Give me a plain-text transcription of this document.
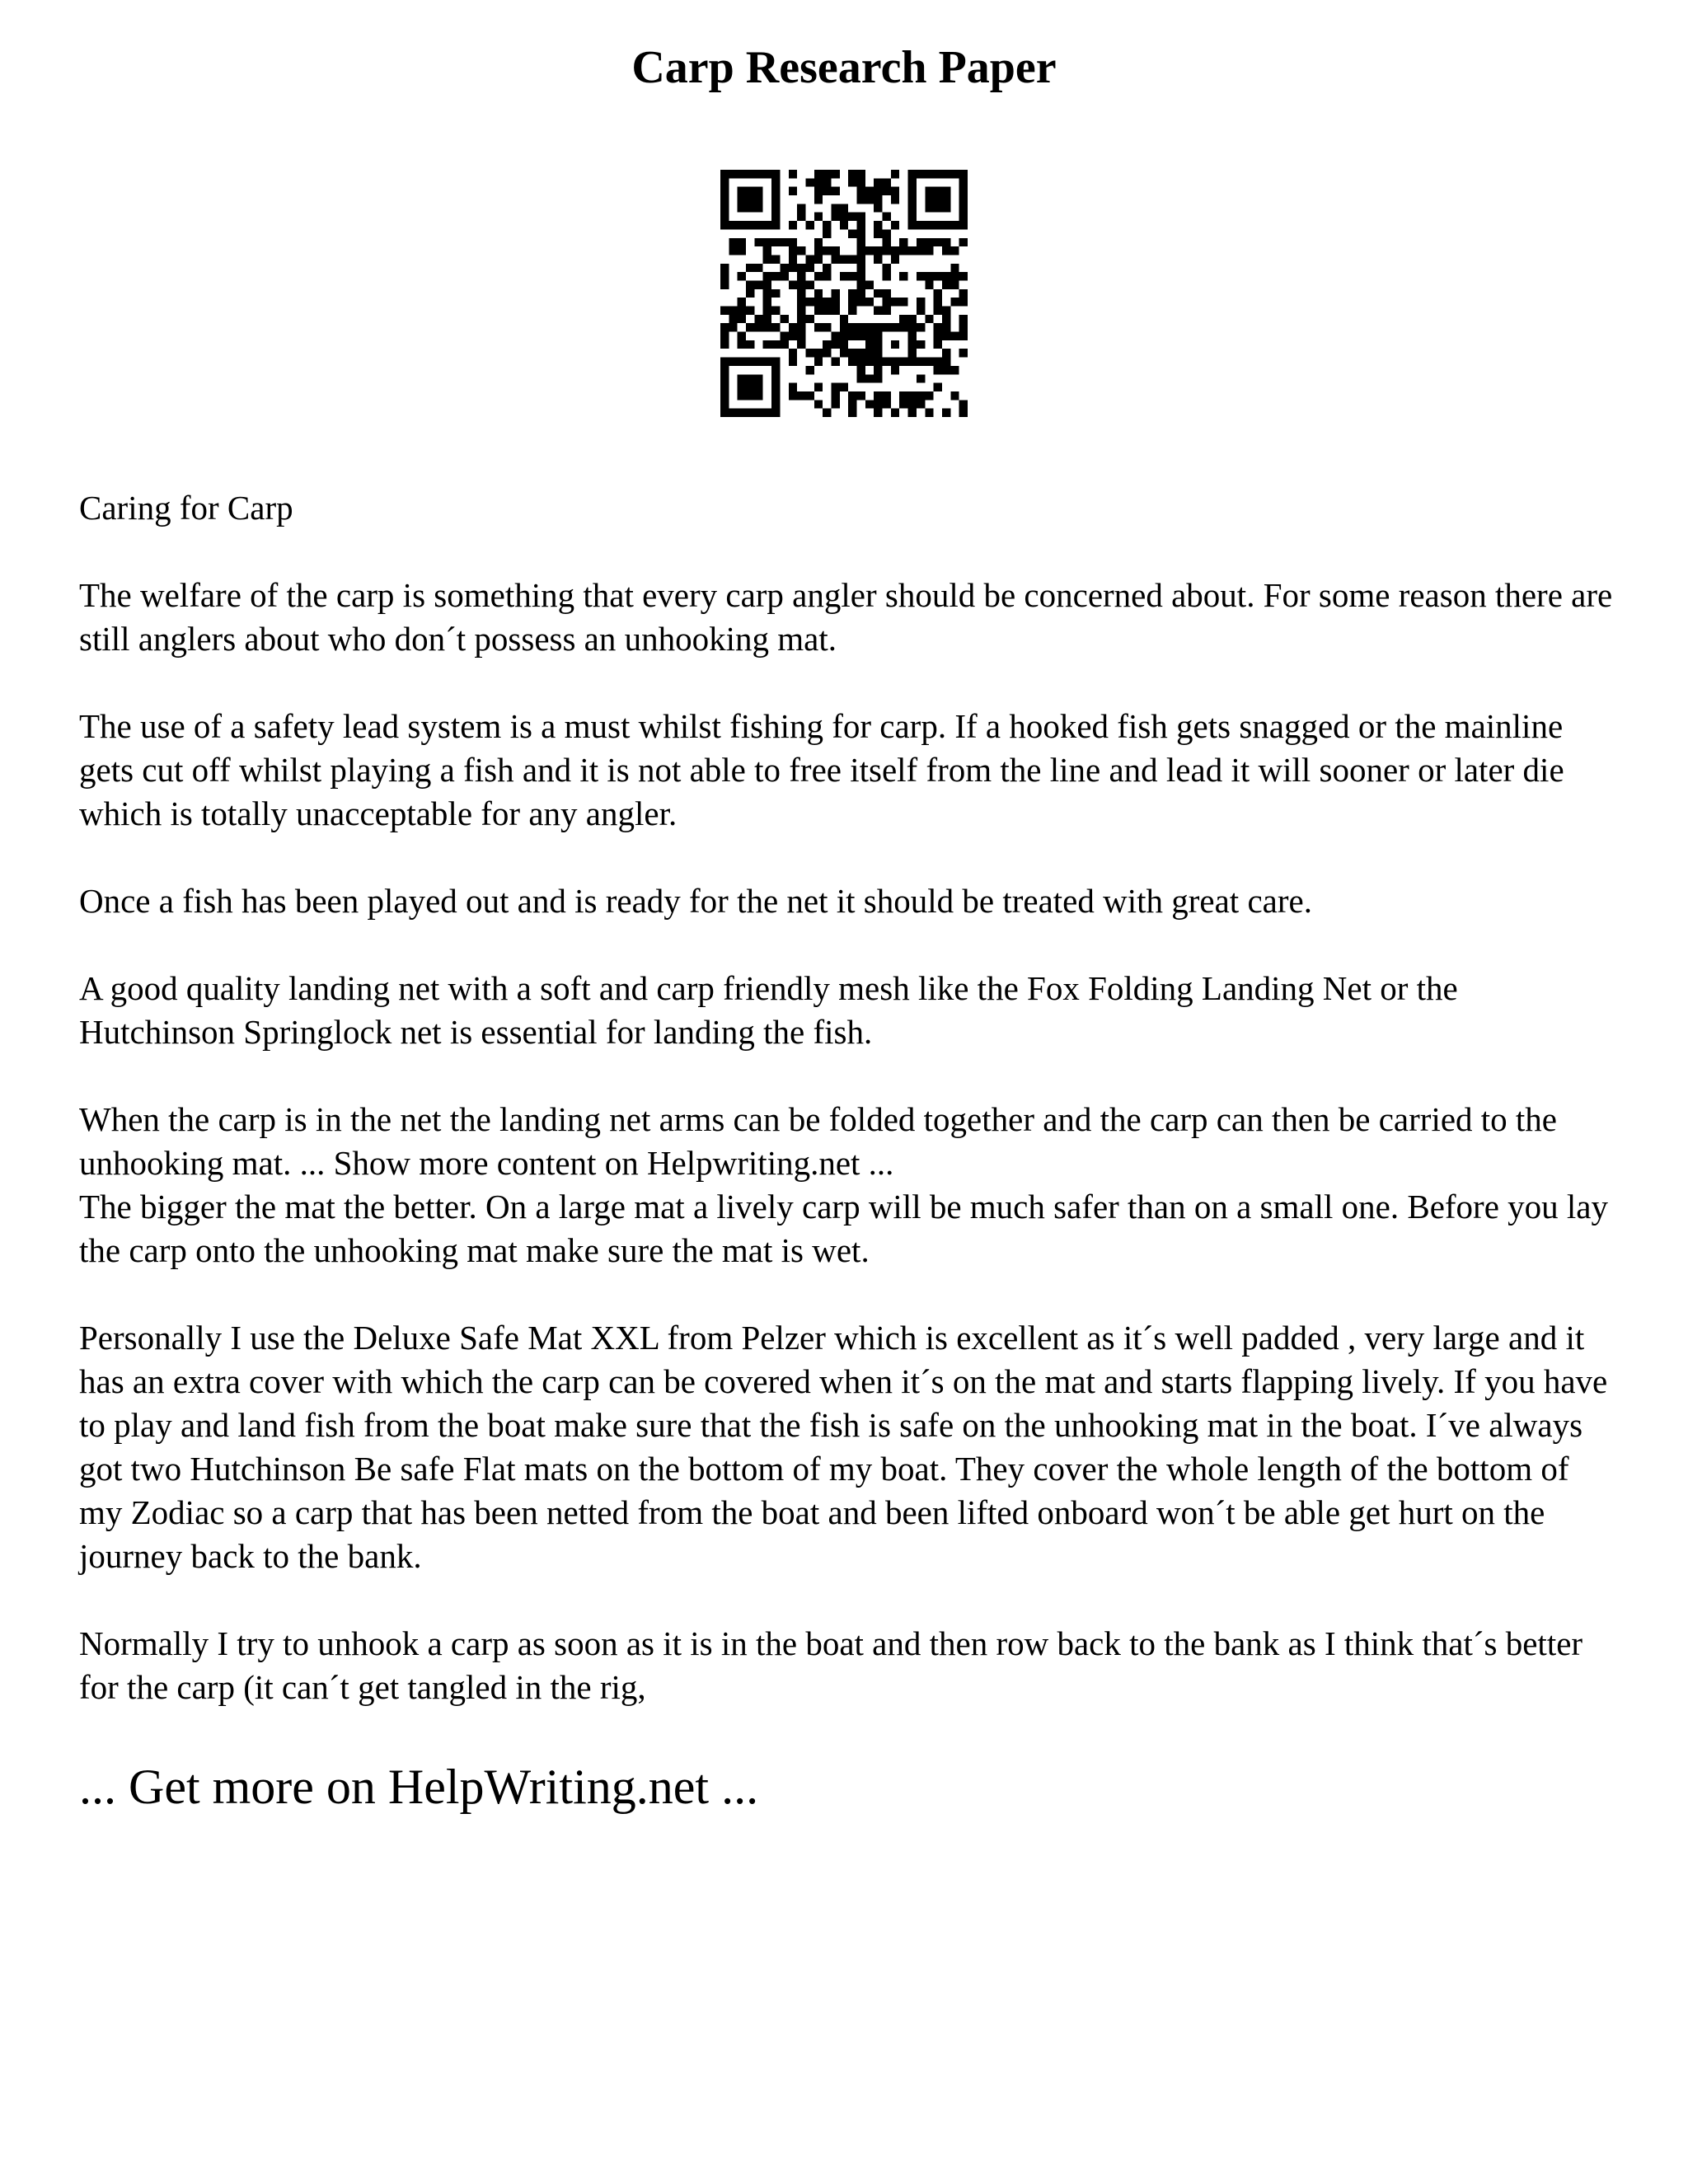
Carp Research Paper

Caring for Carp

The welfare of the carp is something that every carp angler should be concerned about. For some reason there are still anglers about who don´t possess an unhooking mat.

The use of a safety lead system is a must whilst fishing for carp. If a hooked fish gets snagged or the mainline gets cut off whilst playing a fish and it is not able to free itself from the line and lead it will sooner or later die which is totally unacceptable for any angler.

Once a fish has been played out and is ready for the net it should be treated with great care.

A good quality landing net with a soft and carp friendly mesh like the Fox Folding Landing Net or the Hutchinson Springlock net is essential for landing the fish.

When the carp is in the net the landing net arms can be folded together and the carp can then be carried to the unhooking mat. ... Show more content on Helpwriting.net ...

The bigger the mat the better. On a large mat a lively carp will be much safer than on a small one. Before you lay the carp onto the unhooking mat make sure the mat is wet.

Personally I use the Deluxe Safe Mat XXL from Pelzer which is excellent as it´s well padded , very large and it has an extra cover with which the carp can be covered when it´s on the mat and starts flapping lively. If you have to play and land fish from the boat make sure that the fish is safe on the unhooking mat in the boat. I´ve always got two Hutchinson Be safe Flat mats on the bottom of my boat. They cover the whole length of the bottom of my Zodiac so a carp that has been netted from the boat and been lifted onboard won´t be able get hurt on the journey back to the bank.

Normally I try to unhook a carp as soon as it is in the boat and then row back to the bank as I think that´s better for the carp (it can´t get tangled in the rig,

... Get more on HelpWriting.net ...
